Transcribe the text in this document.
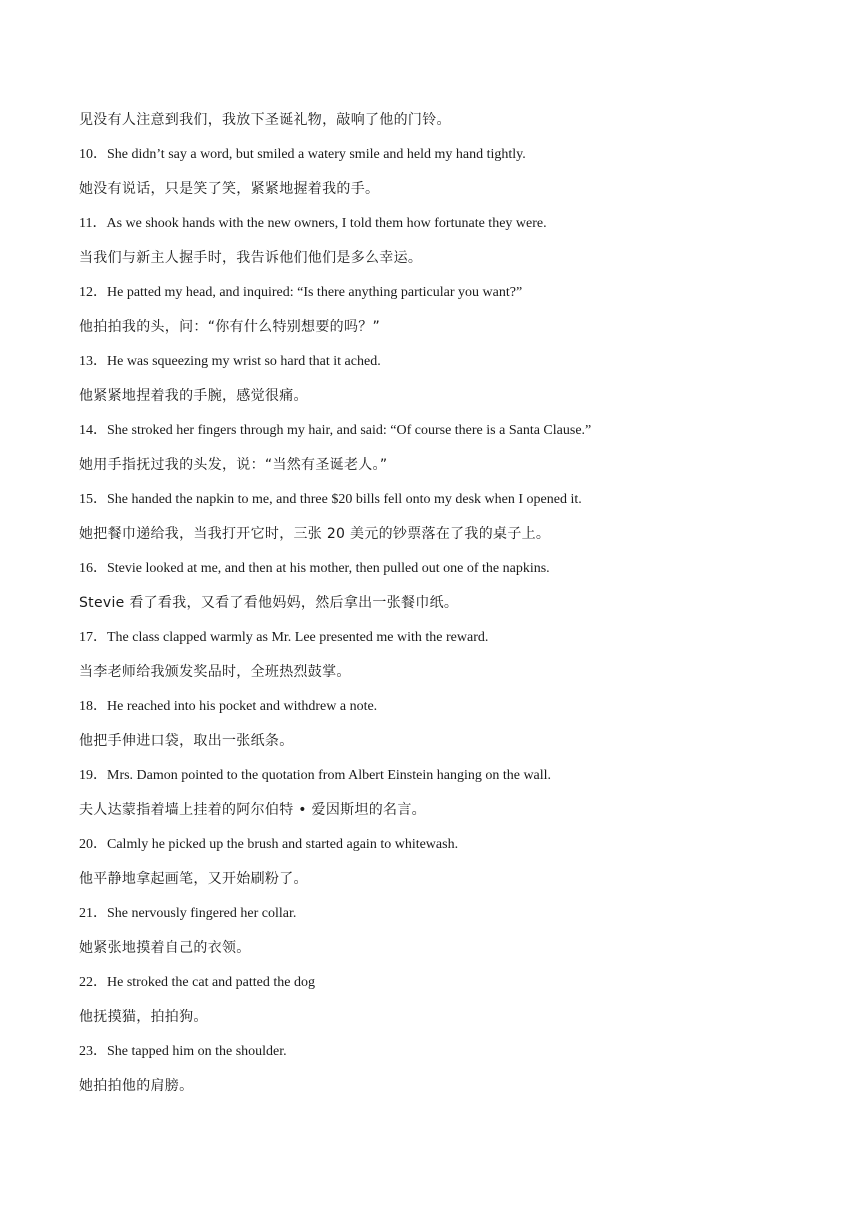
见没有人注意到我们，我放下圣诞礼物，敲响了他的门铃。
10．She didn’t say a word, but smiled a watery smile and held my hand tightly.
她没有说话，只是笑了笑，紧紧地握着我的手。
11．As we shook hands with the new owners, I told them how fortunate they were.
当我们与新主人握手时，我告诉他们他们是多么幸运。
12．He patted my head, and inquired: “Is there anything particular you want?”
他拍拍我的头，问：“你有什么特别想要的吗？”
13．He was squeezing my wrist so hard that it ached.
他紧紧地捏着我的手腕，感觉很痛。
14．She stroked her fingers through my hair, and said: “Of course there is a Santa Clause.”
她用手指抚过我的头发，说：“当然有圣诞老人。”
15．She handed the napkin to me, and three $20 bills fell onto my desk when I opened it.
她把餐巾递给我，当我打开它时，三张 20 美元的钞票落在了我的桌子上。
16．Stevie looked at me, and then at his mother, then pulled out one of the napkins.
Stevie 看了看我，又看了看他妈妈，然后拿出一张餐巾纸。
17．The class clapped warmly as Mr. Lee presented me with the reward.
当李老师给我颁发奖品时，全班热烈鼓掌。
18．He reached into his pocket and withdrew a note.
他把手伸进口袋，取出一张纸条。
19．Mrs. Damon pointed to the quotation from Albert Einstein hanging on the wall.
夫人达蒙指着墙上挂着的阿尔伯特 • 爱因斯坦的名言。
20．Calmly he picked up the brush and started again to whitewash.
他平静地拿起画笔，又开始刷粉了。
21．She nervously fingered her collar.
她紧张地摸着自己的衣领。
22．He stroked the cat and patted the dog
他抚摸猫，拍拍狗。
23．She tapped him on the shoulder.
她拍拍他的肩膀。
